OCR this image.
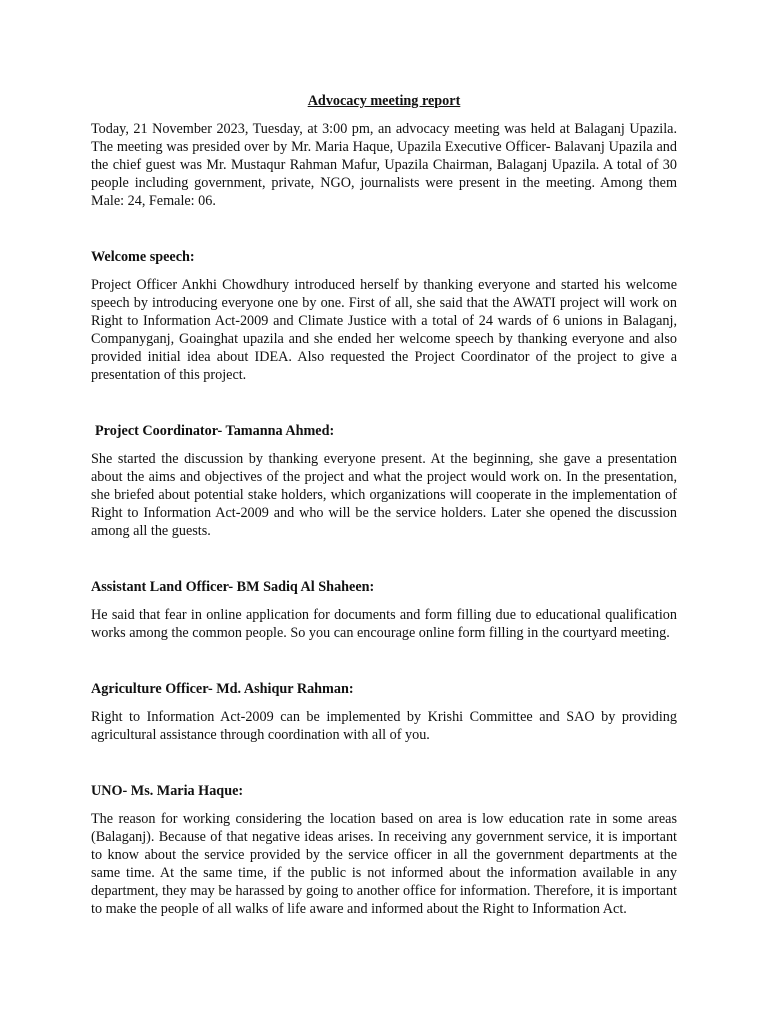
Advocacy meeting report

Today, 21 November 2023, Tuesday, at 3:00 pm, an advocacy meeting was held at Balaganj Upazila. The meeting was presided over by Mr. Maria Haque, Upazila Executive Officer- Balavanj Upazila and the chief guest was Mr. Mustaqur Rahman Mafur, Upazila Chairman, Balaganj Upazila. A total of 30 people including government, private, NGO, journalists were present in the meeting. Among them Male: 24, Female: 06.

Welcome speech:

Project Officer Ankhi Chowdhury introduced herself by thanking everyone and started his welcome speech by introducing everyone one by one. First of all, she said that the AWATI project will work on Right to Information Act-2009 and Climate Justice with a total of 24 wards of 6 unions in Balaganj, Companyganj, Goainghat upazila and she ended her welcome speech by thanking everyone and also provided initial idea about IDEA. Also requested the Project Coordinator of the project to give a presentation of this project.

Project Coordinator- Tamanna Ahmed:

She started the discussion by thanking everyone present. At the beginning, she gave a presentation about the aims and objectives of the project and what the project would work on. In the presentation, she briefed about potential stake holders, which organizations will cooperate in the implementation of Right to Information Act-2009 and who will be the service holders. Later she opened the discussion among all the guests.

Assistant Land Officer- BM Sadiq Al Shaheen:

He said that fear in online application for documents and form filling due to educational qualification works among the common people. So you can encourage online form filling in the courtyard meeting.

Agriculture Officer- Md. Ashiqur Rahman:

Right to Information Act-2009 can be implemented by Krishi Committee and SAO by providing agricultural assistance through coordination with all of you.

UNO- Ms. Maria Haque:

The reason for working considering the location based on area is low education rate in some areas (Balaganj). Because of that negative ideas arises. In receiving any government service, it is important to know about the service provided by the service officer in all the government departments at the same time. At the same time, if the public is not informed about the information available in any department, they may be harassed by going to another office for information. Therefore, it is important to make the people of all walks of life aware and informed about the Right to Information Act.
